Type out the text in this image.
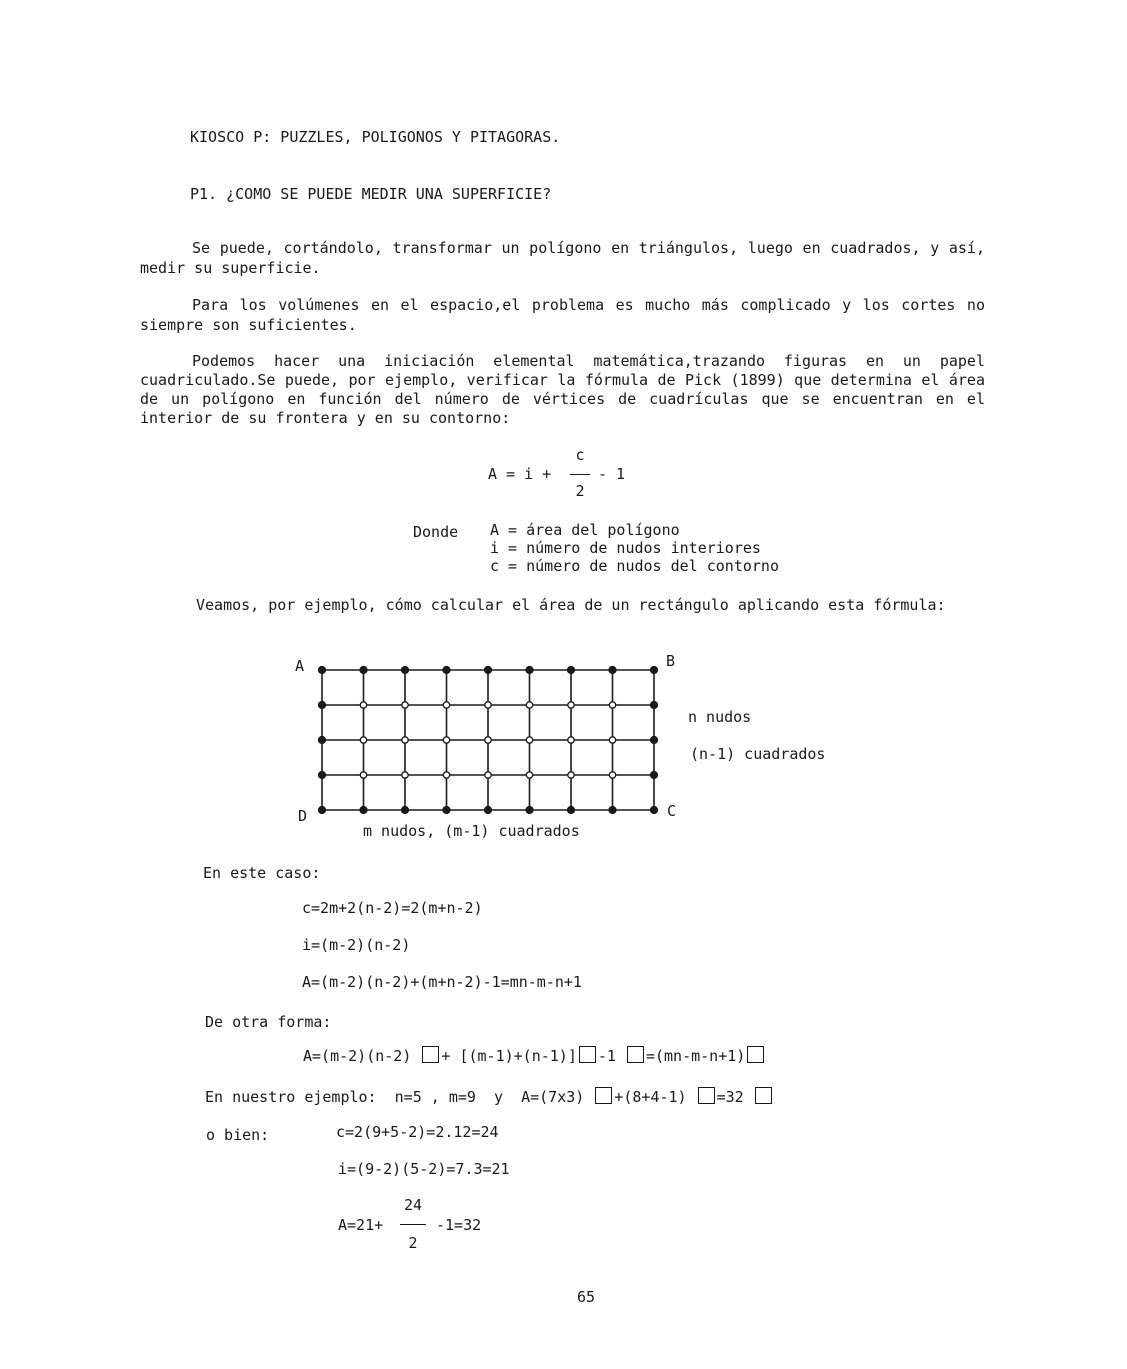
KIOSCO P: PUZZLES, POLIGONOS Y PITAGORAS.
P1. ¿COMO SE PUEDE MEDIR UNA SUPERFICIE?
Se puede, cortándolo, transformar un polígono en triángulos, luego en cuadrados, y así, medir su superficie.
Para los volúmenes en el espacio,el problema es mucho más complicado y los cortes no siempre son suficientes.
Podemos hacer una iniciación elemental matemática,trazando figuras en un papel cuadriculado.Se puede, por ejemplo, verificar la fórmula de Pick (1899) que determina el área de un polígono en función del número de vértices de cuadrículas que se encuentran en el interior de su frontera y en su contorno:
A = i +
c
2
- 1
Donde A = área del polígono
i = número de nudos interiores
c = número de nudos del contorno
Veamos, por ejemplo, cómo calcular el área de un rectángulo aplicando esta fórmula:
A	B
C
D
n nudos
(n-1) cuadrados
m nudos, (m-1) cuadrados
En este caso:
c=2m+2(n-2)=2(m+n-2)
i=(m-2)(n-2)
A=(m-2)(n-2)+(m+n-2)-1=mn-m-n+1
De otra forma:
A=(m-2)(n-2) + [(m-1)+(n-1)] -1 =(mn-m-n+1)
En nuestro ejemplo: n=5 , m=9 y A=(7x3) +(8+4-1) =32
o bien:	c=2(9+5-2)=2.12=24
i=(9-2)(5-2)=7.3=21
A=21+
24
2
-1=32
65
